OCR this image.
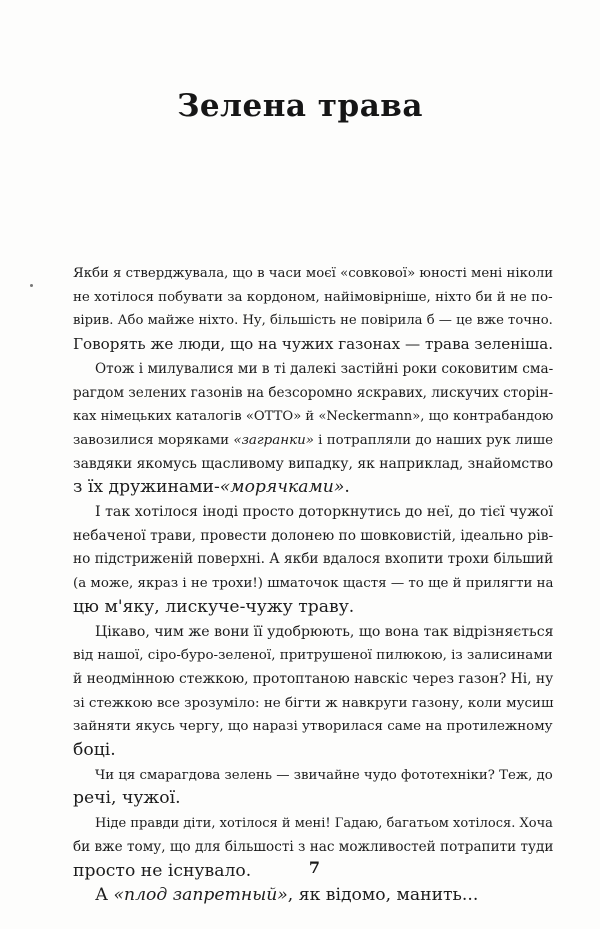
Зелена трава

Якби я стверджувала, що в часи моєї «совкової» юності мені ніколи
не хотілося побувати за кордоном, найімовірніше, ніхто би й не по-
вірив. Або майже ніхто. Ну, більшість не повірила б — це вже точно.
Говорять же люди, що на чужих газонах — трава зеленіша.

Отож і милувалися ми в ті далекі застійні роки соковитим сма-
рагдом зелених газонів на безсоромно яскравих, лискучих сторін-
ках німецьких каталогів «OTTO» й «Neckermann», що контрабандою
завозилися моряками «загранки» і потрапляли до наших рук лише
завдяки якомусь щасливому випадку, як наприклад, знайомство
з їх дружинами-«морячками».

І так хотілося іноді просто доторкнутись до неї, до тієї чужої
небаченої трави, провести долонею по шовковистій, ідеально рів-
но підстриженій поверхні. А якби вдалося вхопити трохи більший
(а може, якраз і не трохи!) шматочок щастя — то ще й прилягти на
цю м'яку, лискуче-чужу траву.

Цікаво, чим же вони її удобрюють, що вона так відрізняється
від нашої, сіро-буро-зеленої, притрушеної пилюкою, із залисинами
й неодмінною стежкою, протоптаною навскіс через газон? Ні, ну
зі стежкою все зрозуміло: не бігти ж навкруги газону, коли мусиш
зайняти якусь чергу, що наразі утворилася саме на протилежному
боці.

Чи ця смарагдова зелень — звичайне чудо фототехніки? Теж, до
речі, чужої.

Ніде правди діти, хотілося й мені! Гадаю, багатьом хотілося. Хоча
би вже тому, що для більшості з нас можливостей потрапити туди
просто не існувало.

А «плод запретный», як відомо, манить...

7
